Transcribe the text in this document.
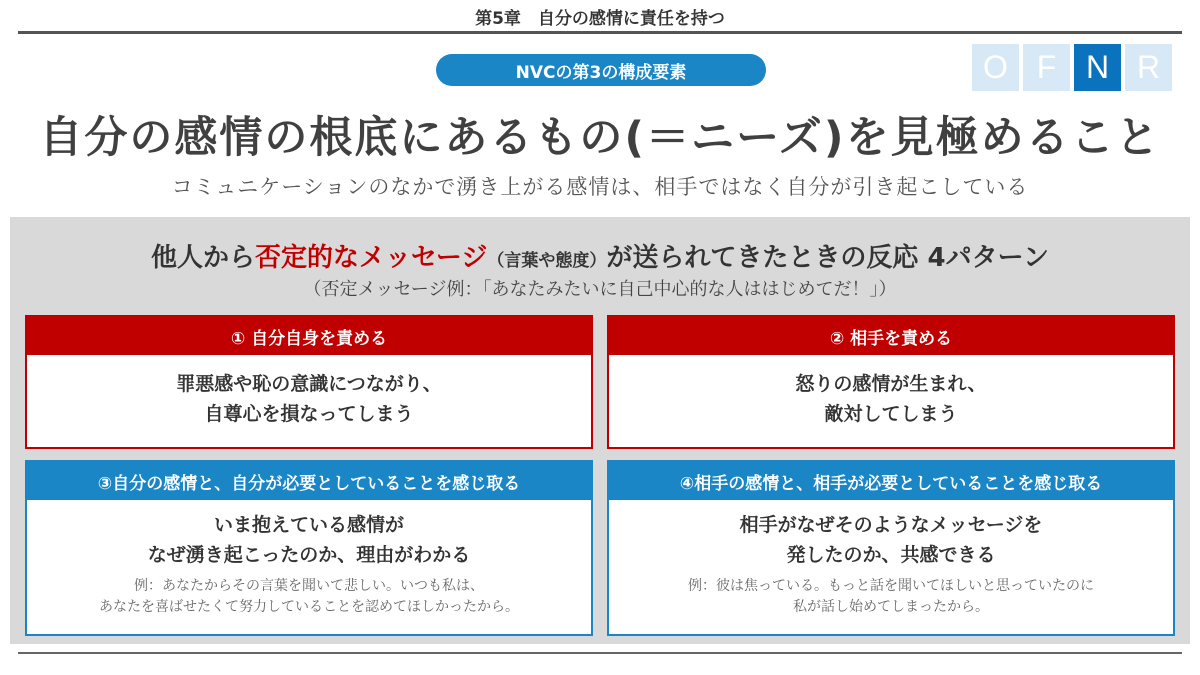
第5章　自分の感情に責任を持つ
NVCの第3の構成要素	O F N R
自分の感情の根底にあるもの(＝ニーズ)を見極めること
コミュニケーションのなかで湧き上がる感情は、相手ではなく自分が引き起こしている
他人から否定的なメッセージ（言葉や態度）が送られてきたときの反応 4パターン
（否定メッセージ例：「あなたみたいに自己中心的な人ははじめてだ！」）
① 自分自身を責める
罪悪感や恥の意識につながり、
自尊心を損なってしまう
② 相手を責める
怒りの感情が生まれ、
敵対してしまう
③自分の感情と、自分が必要としていることを感じ取る
いま抱えている感情が
なぜ湧き起こったのか、理由がわかる
例：あなたからその言葉を聞いて悲しい。いつも私は、
あなたを喜ばせたくて努力していることを認めてほしかったから。
④相手の感情と、相手が必要としていることを感じ取る
相手がなぜそのようなメッセージを
発したのか、共感できる
例：彼は焦っている。もっと話を聞いてほしいと思っていたのに
私が話し始めてしまったから。
